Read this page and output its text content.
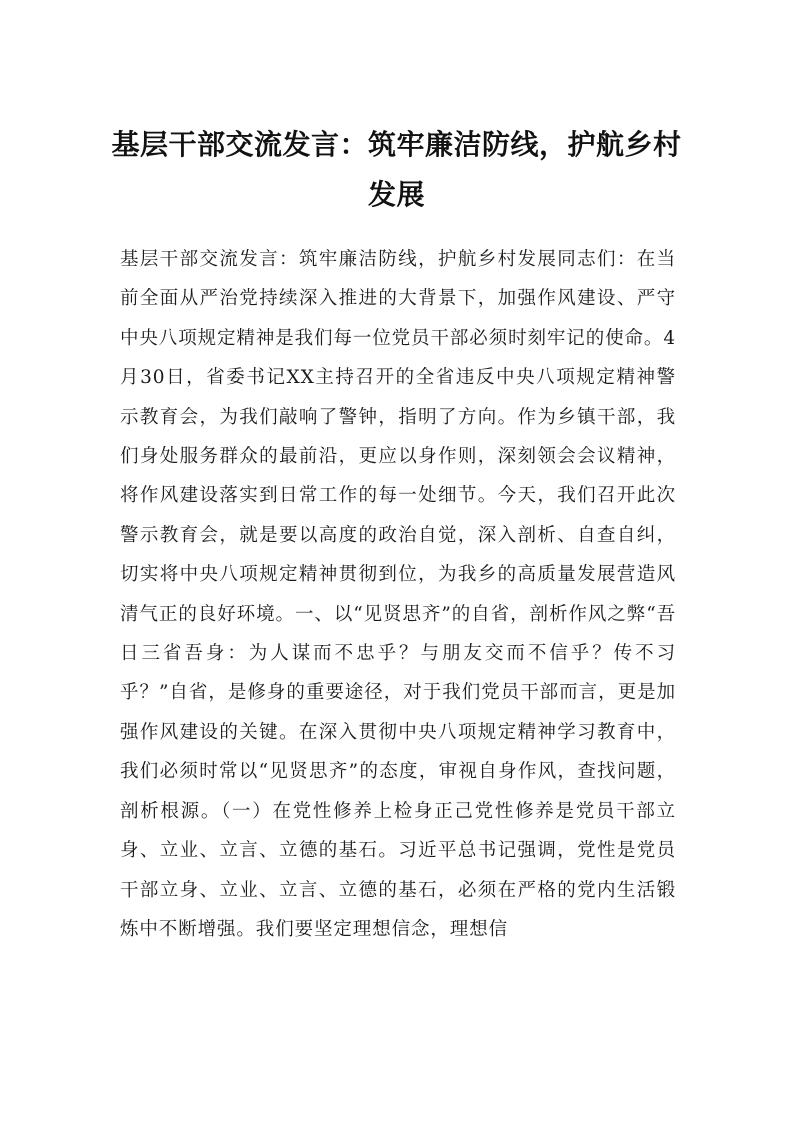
基层干部交流发言：筑牢廉洁防线，护航乡村发展

基层干部交流发言：筑牢廉洁防线，护航乡村发展同志们：在当前全面从严治党持续深入推进的大背景下，加强作风建设、严守中央八项规定精神是我们每一位党员干部必须时刻牢记的使命。4月30日，省委书记XX主持召开的全省违反中央八项规定精神警示教育会，为我们敲响了警钟，指明了方向。作为乡镇干部，我们身处服务群众的最前沿，更应以身作则，深刻领会会议精神，将作风建设落实到日常工作的每一处细节。今天，我们召开此次警示教育会，就是要以高度的政治自觉，深入剖析、自查自纠，切实将中央八项规定精神贯彻到位，为我乡的高质量发展营造风清气正的良好环境。一、以“见贤思齐”的自省，剖析作风之弊“吾日三省吾身：为人谋而不忠乎？与朋友交而不信乎？传不习乎？”自省，是修身的重要途径，对于我们党员干部而言，更是加强作风建设的关键。在深入贯彻中央八项规定精神学习教育中，我们必须时常以“见贤思齐”的态度，审视自身作风，查找问题，剖析根源。（一）在党性修养上检身正己党性修养是党员干部立身、立业、立言、立德的基石。习近平总书记强调，党性是党员干部立身、立业、立言、立德的基石，必须在严格的党内生活锻炼中不断增强。我们要坚定理想信念，理想信
